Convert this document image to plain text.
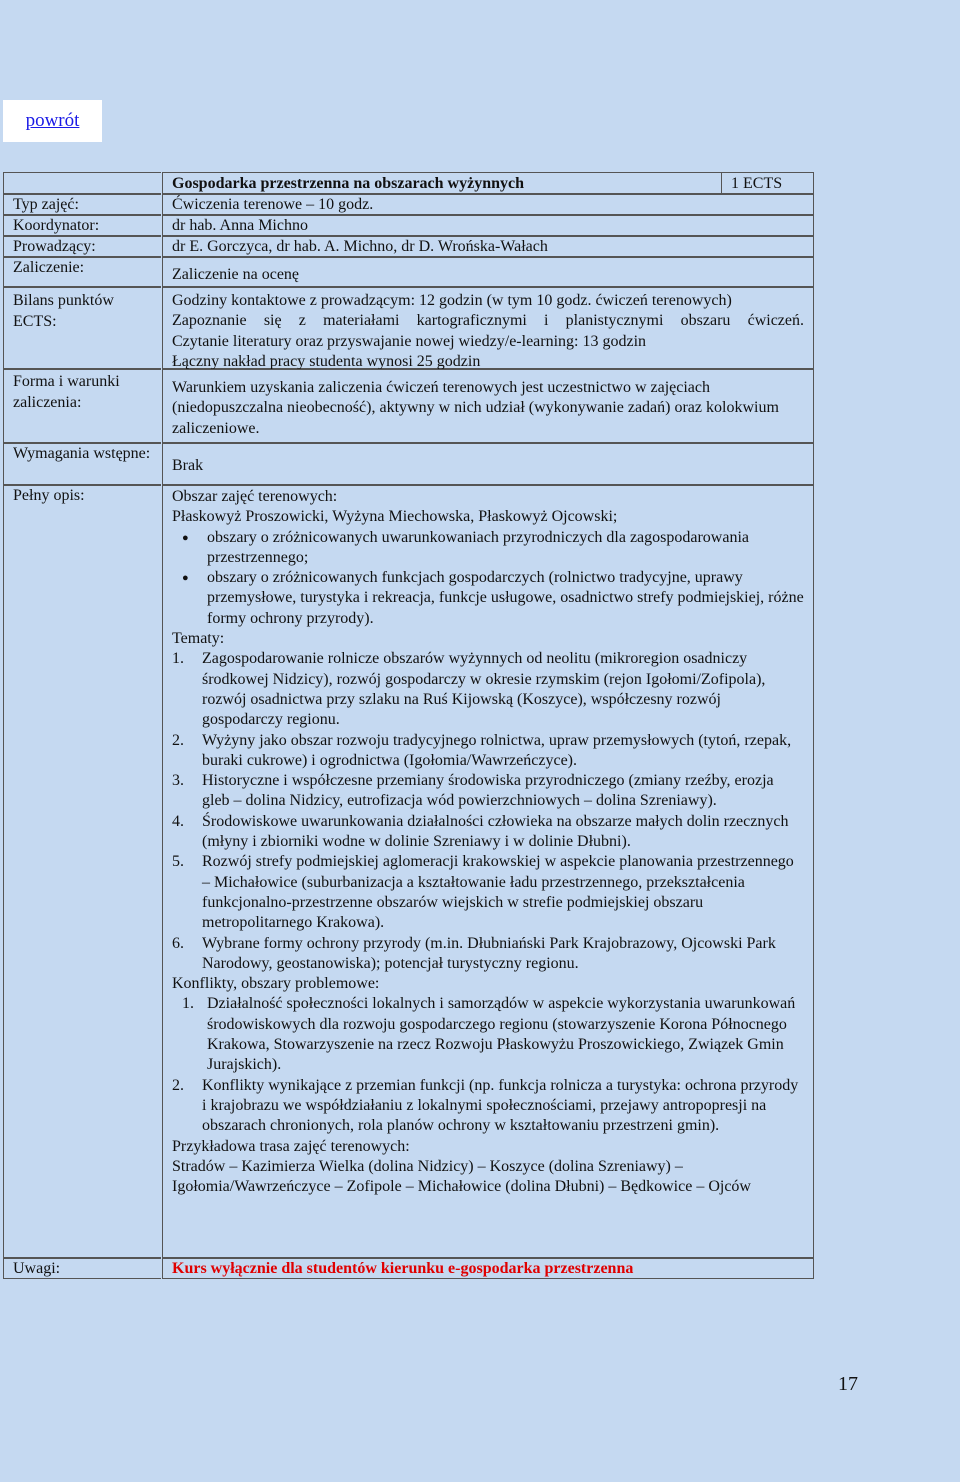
powrót
Typ zajęć:
Koordynator:
Prowadzący:
Zaliczenie:
Bilans punktów ECTS:
Forma i warunki zaliczenia:
Wymagania wstępne:
Pełny opis:
Uwagi:
Gospodarka przestrzenna na obszarach wyżynnych	1 ECTS
Ćwiczenia terenowe – 10 godz.
dr hab. Anna Michno
dr E. Gorczyca, dr hab. A. Michno, dr D. Wrońska-Wałach
Zaliczenie na ocenę
Godziny kontaktowe z prowadzącym: 12 godzin (w tym 10 godz. ćwiczeń terenowych)
Zapoznanie się z materiałami kartograficznymi i planistycznymi obszaru ćwiczeń.
Czytanie literatury oraz przyswajanie nowej wiedzy/e-learning: 13 godzin
Łączny nakład pracy studenta wynosi 25 godzin
Warunkiem uzyskania zaliczenia ćwiczeń terenowych jest uczestnictwo w zajęciach (niedopuszczalna nieobecność), aktywny w nich udział (wykonywanie zadań) oraz kolokwium zaliczeniowe.
Brak
Obszar zajęć terenowych:
Płaskowyż Proszowicki, Wyżyna Miechowska, Płaskowyż Ojcowski;
● obszary o zróżnicowanych uwarunkowaniach przyrodniczych dla zagospodarowania przestrzennego;
● obszary o zróżnicowanych funkcjach gospodarczych (rolnictwo tradycyjne, uprawy przemysłowe, turystyka i rekreacja, funkcje usługowe, osadnictwo strefy podmiejskiej, różne formy ochrony przyrody).
Tematy:
1. Zagospodarowanie rolnicze obszarów wyżynnych od neolitu (mikroregion osadniczy środkowej Nidzicy), rozwój gospodarczy w okresie rzymskim (rejon Igołomi/Zofipola), rozwój osadnictwa przy szlaku na Ruś Kijowską (Koszyce), współczesny rozwój gospodarczy regionu.
2. Wyżyny jako obszar rozwoju tradycyjnego rolnictwa, upraw przemysłowych (tytoń, rzepak, buraki cukrowe) i ogrodnictwa (Igołomia/Wawrzeńczyce).
3. Historyczne i współczesne przemiany środowiska przyrodniczego (zmiany rzeźby, erozja gleb – dolina Nidzicy, eutrofizacja wód powierzchniowych – dolina Szreniawy).
4. Środowiskowe uwarunkowania działalności człowieka na obszarze małych dolin rzecznych (młyny i zbiorniki wodne w dolinie Szreniawy i w dolinie Dłubni).
5. Rozwój strefy podmiejskiej aglomeracji krakowskiej w aspekcie planowania przestrzennego – Michałowice (suburbanizacja a kształtowanie ładu przestrzennego, przekształcenia funkcjonalno-przestrzenne obszarów wiejskich w strefie podmiejskiej obszaru metropolitarnego Krakowa).
6. Wybrane formy ochrony przyrody (m.in. Dłubniański Park Krajobrazowy, Ojcowski Park Narodowy, geostanowiska); potencjał turystyczny regionu.
Konflikty, obszary problemowe:
1. Działalność społeczności lokalnych i samorządów w aspekcie wykorzystania uwarunkowań środowiskowych dla rozwoju gospodarczego regionu (stowarzyszenie Korona Północnego Krakowa, Stowarzyszenie na rzecz Rozwoju Płaskowyżu Proszowickiego, Związek Gmin Jurajskich).
2. Konflikty wynikające z przemian funkcji (np. funkcja rolnicza a turystyka: ochrona przyrody i krajobrazu we współdziałaniu z lokalnymi społecznościami, przejawy antropopresji na obszarach chronionych, rola planów ochrony w kształtowaniu przestrzeni gmin).
Przykładowa trasa zajęć terenowych:
Stradów – Kazimierza Wielka (dolina Nidzicy) – Koszyce (dolina Szreniawy) – Igołomia/Wawrzeńczyce – Zofipole – Michałowice (dolina Dłubni) – Będkowice – Ojców
Kurs wyłącznie dla studentów kierunku e-gospodarka przestrzenna
17
